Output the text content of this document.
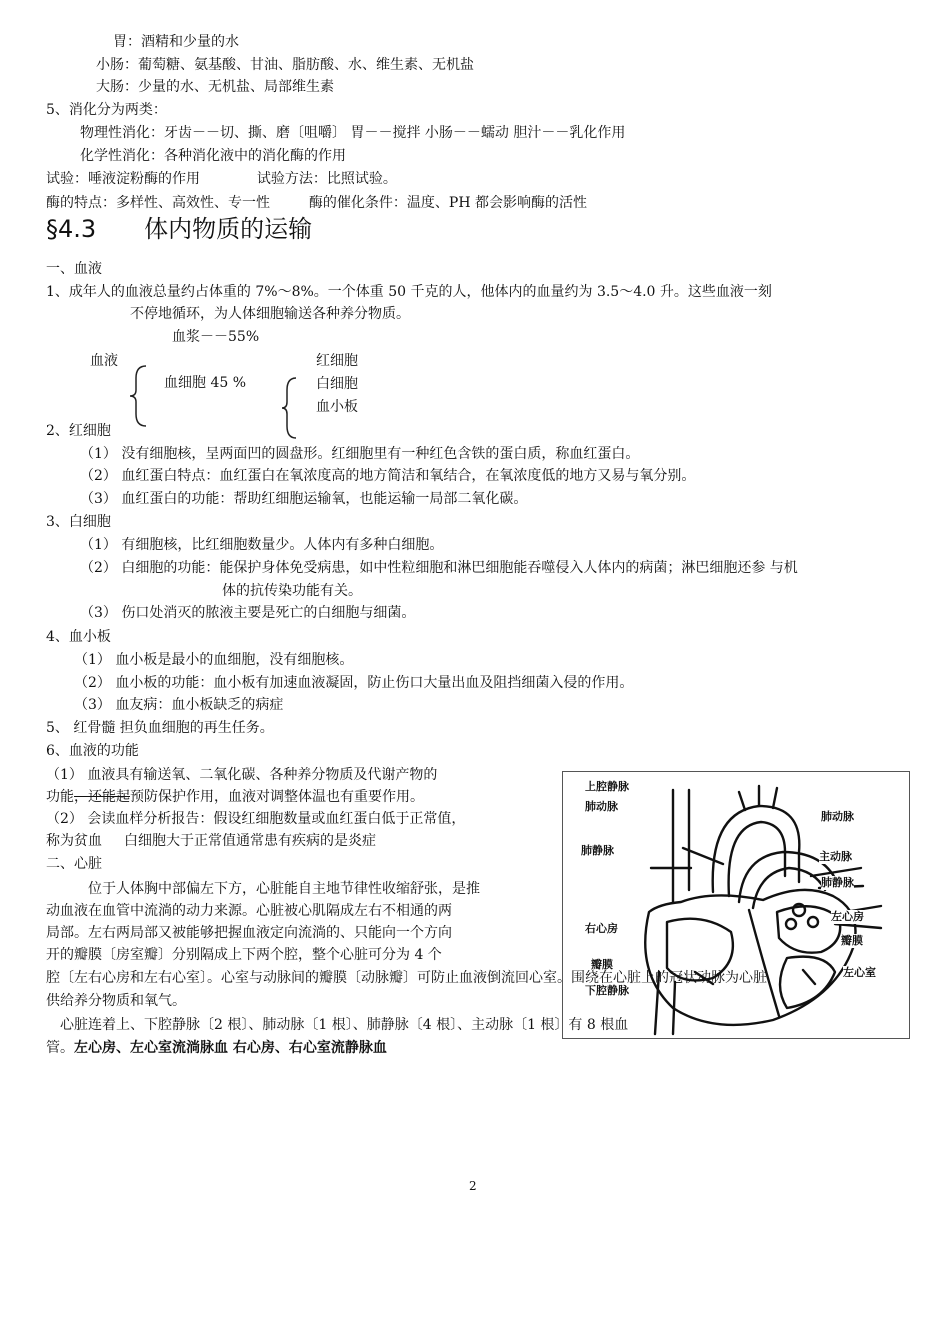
胃：酒精和少量的水
小肠：葡萄糖、氨基酸、甘油、脂肪酸、水、维生素、无机盐
大肠：少量的水、无机盐、局部维生素
5、消化分为两类：
物理性消化：牙齿－－切、撕、磨〔咀嚼〕 胃－－搅拌 小肠－－蠕动 胆汁－－乳化作用
化学性消化：各种消化液中的消化酶的作用
试验：唾液淀粉酶的作用	试验方法：比照试验。
酶的特点：多样性、高效性、专一性	酶的催化条件：温度、PH 都会影响酶的活性
§4.3 体内物质的运输
一、血液
1、成年人的血液总量约占体重的 7%～8%。一个体重 50 千克的人，他体内的血量约为 3.5～4.0 升。这些血液一刻
不停地循环，为人体细胞输送各种养分物质。
血浆－－55%
血液
血细胞 45 %
红细胞
白细胞
血小板
2、红细胞
（1） 没有细胞核，呈两面凹的圆盘形。红细胞里有一种红色含铁的蛋白质，称血红蛋白。
（2） 血红蛋白特点：血红蛋白在氧浓度高的地方简洁和氧结合，在氧浓度低的地方又易与氧分别。
（3） 血红蛋白的功能：帮助红细胞运输氧，也能运输一局部二氧化碳。
3、白细胞
（1） 有细胞核，比红细胞数量少。人体内有多种白细胞。
（2） 白细胞的功能：能保护身体免受病患，如中性粒细胞和淋巴细胞能吞噬侵入人体内的病菌；淋巴细胞还参 与机
体的抗传染功能有关。
（3） 伤口处消灭的脓液主要是死亡的白细胞与细菌。
4、血小板
（1） 血小板是最小的血细胞，没有细胞核。
（2） 血小板的功能：血小板有加速血液凝固，防止伤口大量出血及阻挡细菌入侵的作用。
（3） 血友病：血小板缺乏的病症
5、 红骨髓 担负血细胞的再生任务。
6、血液的功能
（1） 血液具有输送氧、二氧化碳、各种养分物质及代谢产物的
功能，还能起预防保护作用，血液对调整体温也有重要作用。
（2） 会读血样分析报告：假设红细胞数量或血红蛋白低于正常值，
称为贫血 白细胞大于正常值通常患有疾病的是炎症
二、心脏
位于人体胸中部偏左下方，心脏能自主地节律性收缩舒张，是推
动血液在血管中流淌的动力来源。心脏被心肌隔成左右不相通的两
局部。左右两局部又被能够把握血液定向流淌的、只能向一个方向
开的瓣膜〔房室瓣〕分别隔成上下两个腔，整个心脏可分为 4 个
上腔静脉
肺动脉
肺静脉
右心房
瓣膜
下腔静脉
肺动脉
主动脉
肺静脉
左心房
瓣膜
左心室
腔〔左右心房和左右心室〕。心室与动脉间的瓣膜〔动脉瓣〕可防止血液倒流回心室。围绕在心脏上的冠状动脉为心脏
供给养分物质和氧气。
心脏连着上、下腔静脉〔2 根〕、肺动脉〔1 根〕、肺静脉〔4 根〕、主动脉〔1 根〕有 8 根血
管。左心房、左心室流淌脉血 右心房、右心室流静脉血
2
